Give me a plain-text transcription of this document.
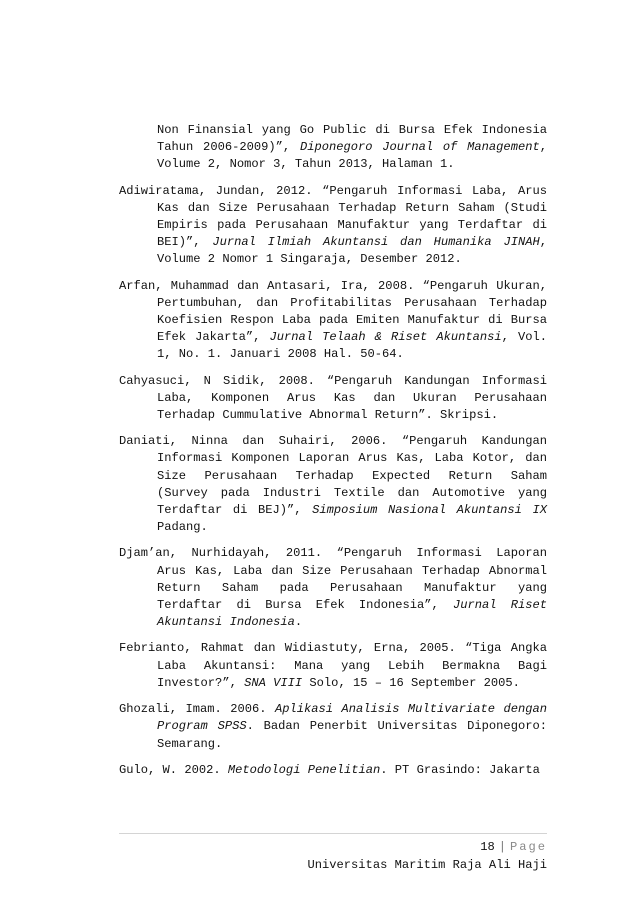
Non Finansial yang Go Public di Bursa Efek Indonesia Tahun 2006-2009)”, Diponegoro Journal of Management, Volume 2, Nomor 3, Tahun 2013, Halaman 1.

Adiwiratama, Jundan, 2012. “Pengaruh Informasi Laba, Arus Kas dan Size Perusahaan Terhadap Return Saham (Studi Empiris pada Perusahaan Manufaktur yang Terdaftar di BEI)”, Jurnal Ilmiah Akuntansi dan Humanika JINAH, Volume 2 Nomor 1 Singaraja, Desember 2012.

Arfan, Muhammad dan Antasari, Ira, 2008. “Pengaruh Ukuran, Pertumbuhan, dan Profitabilitas Perusahaan Terhadap Koefisien Respon Laba pada Emiten Manufaktur di Bursa Efek Jakarta”, Jurnal Telaah & Riset Akuntansi, Vol. 1, No. 1. Januari 2008 Hal. 50-64.

Cahyasuci, N Sidik, 2008. “Pengaruh Kandungan Informasi Laba, Komponen Arus Kas dan Ukuran Perusahaan Terhadap Cummulative Abnormal Return”. Skripsi.

Daniati, Ninna dan Suhairi, 2006. “Pengaruh Kandungan Informasi Komponen Laporan Arus Kas, Laba Kotor, dan Size Perusahaan Terhadap Expected Return Saham (Survey pada Industri Textile dan Automotive yang Terdaftar di BEJ)”, Simposium Nasional Akuntansi IX Padang.

Djam’an, Nurhidayah, 2011. “Pengaruh Informasi Laporan Arus Kas, Laba dan Size Perusahaan Terhadap Abnormal Return Saham pada Perusahaan Manufaktur yang Terdaftar di Bursa Efek Indonesia”, Jurnal Riset Akuntansi Indonesia.

Febrianto, Rahmat dan Widiastuty, Erna, 2005. “Tiga Angka Laba Akuntansi: Mana yang Lebih Bermakna Bagi Investor?”, SNA VIII Solo, 15 – 16 September 2005.

Ghozali, Imam. 2006. Aplikasi Analisis Multivariate dengan Program SPSS. Badan Penerbit Universitas Diponegoro: Semarang.

Gulo, W. 2002. Metodologi Penelitian. PT Grasindo: Jakarta

18 | Page
Universitas Maritim Raja Ali Haji
